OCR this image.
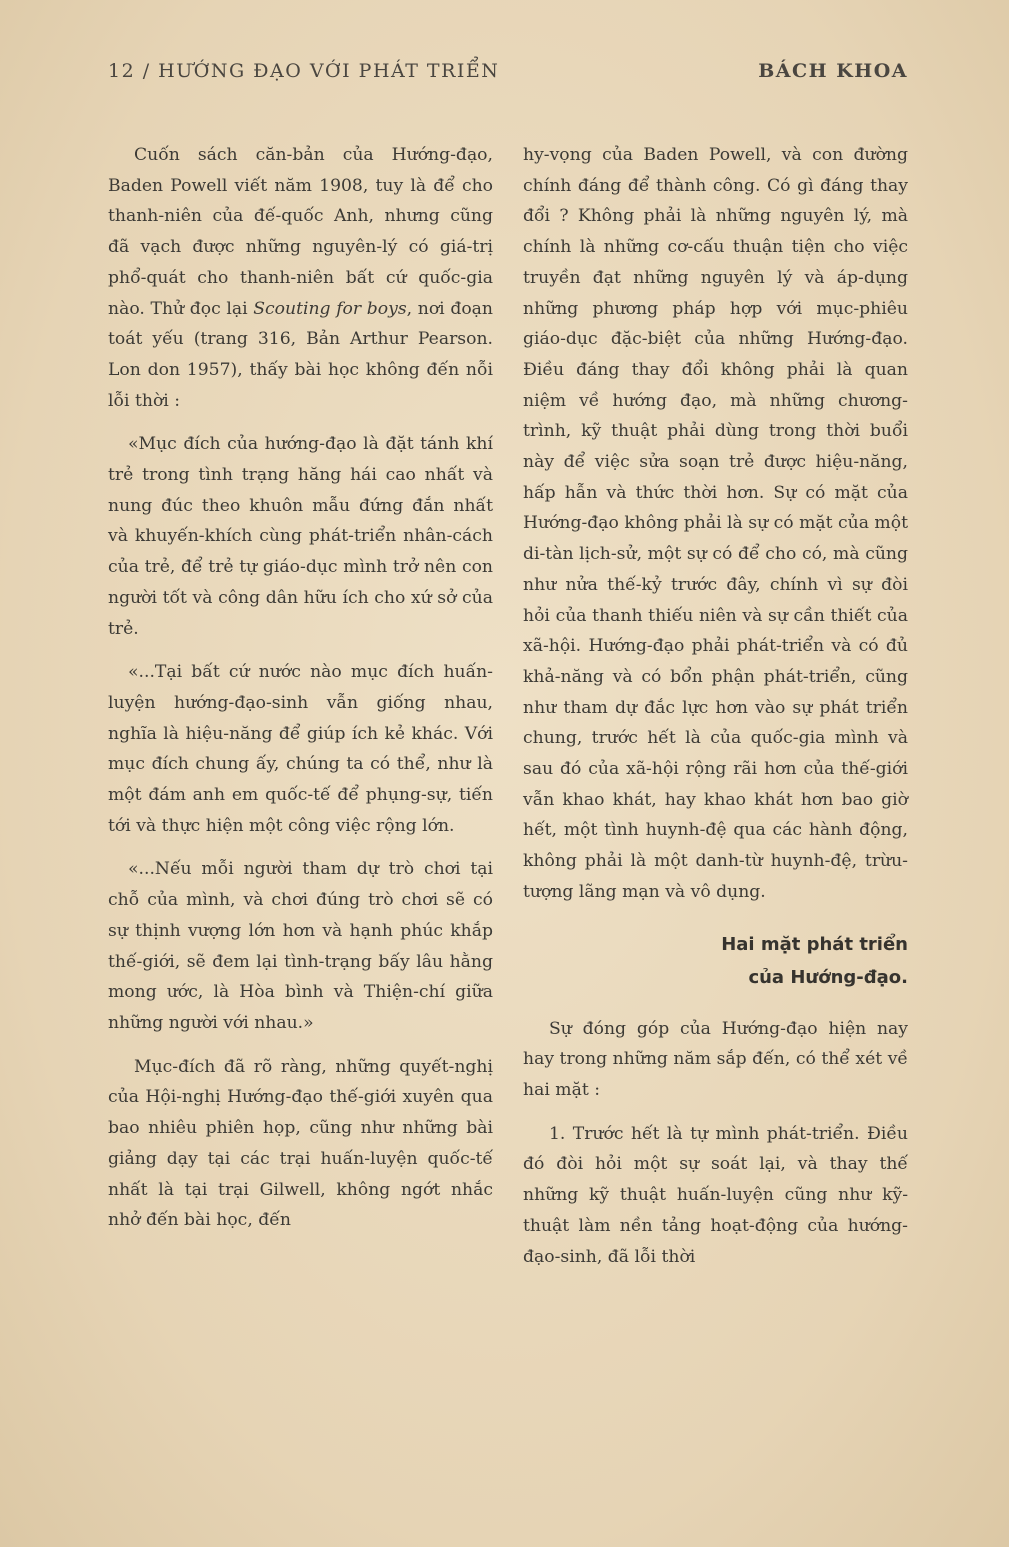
12 / HƯỚNG ĐẠO VỚI PHÁT TRIỂN	BÁCH KHOA

Cuốn sách căn-bản của Hướng-đạo, Baden Powell viết năm 1908, tuy là để cho thanh-niên của đế-quốc Anh, nhưng cũng đã vạch được những nguyên-lý có giá-trị phổ-quát cho thanh-niên bất cứ quốc-gia nào. Thử đọc lại Scouting for boys, nơi đoạn toát yếu (trang 316, Bản Arthur Pearson. Lon don 1957), thấy bài học không đến nỗi lỗi thời :

«Mục đích của hướng-đạo là đặt tánh khí trẻ trong tình trạng hăng hái cao nhất và nung đúc theo khuôn mẫu đứng đắn nhất và khuyến-khích cùng phát-triển nhân-cách của trẻ, để trẻ tự giáo-dục mình trở nên con người tốt và công dân hữu ích cho xứ sở của trẻ.

«...Tại bất cứ nước nào mục đích huấn-luyện hướng-đạo-sinh vẫn giống nhau, nghĩa là hiệu-năng để giúp ích kẻ khác. Với mục đích chung ấy, chúng ta có thể, như là một đám anh em quốc-tế để phụng-sự, tiến tới và thực hiện một công việc rộng lớn.

«...Nếu mỗi người tham dự trò chơi tại chỗ của mình, và chơi đúng trò chơi sẽ có sự thịnh vượng lớn hơn và hạnh phúc khắp thế-giới, sẽ đem lại tình-trạng bấy lâu hằng mong ước, là Hòa bình và Thiện-chí giữa những người với nhau.»

Mục-đích đã rõ ràng, những quyết-nghị của Hội-nghị Hướng-đạo thế-giới xuyên qua bao nhiêu phiên họp, cũng như những bài giảng dạy tại các trại huấn-luyện quốc-tế nhất là tại trại Gilwell, không ngớt nhắc nhở đến bài học, đến

hy-vọng của Baden Powell, và con đường chính đáng để thành công. Có gì đáng thay đổi ? Không phải là những nguyên lý, mà chính là những cơ-cấu thuận tiện cho việc truyền đạt những nguyên lý và áp-dụng những phương pháp hợp với mục-phiêu giáo-dục đặc-biệt của những Hướng-đạo. Điều đáng thay đổi không phải là quan niệm về hướng đạo, mà những chương-trình, kỹ thuật phải dùng trong thời buổi này để việc sửa soạn trẻ được hiệu-năng, hấp hẫn và thức thời hơn. Sự có mặt của Hướng-đạo không phải là sự có mặt của một di-tàn lịch-sử, một sự có để cho có, mà cũng như nửa thế-kỷ trước đây, chính vì sự đòi hỏi của thanh thiếu niên và sự cần thiết của xã-hội. Hướng-đạo phải phát-triển và có đủ khả-năng và có bổn phận phát-triển, cũng như tham dự đắc lực hơn vào sự phát triển chung, trước hết là của quốc-gia mình và sau đó của xã-hội rộng rãi hơn của thế-giới vẫn khao khát, hay khao khát hơn bao giờ hết, một tình huynh-đệ qua các hành động, không phải là một danh-từ huynh-đệ, trừu-tượng lãng mạn và vô dụng.

Hai mặt phát triển
của Hướng-đạo.

Sự đóng góp của Hướng-đạo hiện nay hay trong những năm sắp đến, có thể xét về hai mặt :

1. Trước hết là tự mình phát-triển. Điều đó đòi hỏi một sự soát lại, và thay thế những kỹ thuật huấn-luyện cũng như kỹ-thuật làm nền tảng hoạt-động của hướng-đạo-sinh, đã lỗi thời
